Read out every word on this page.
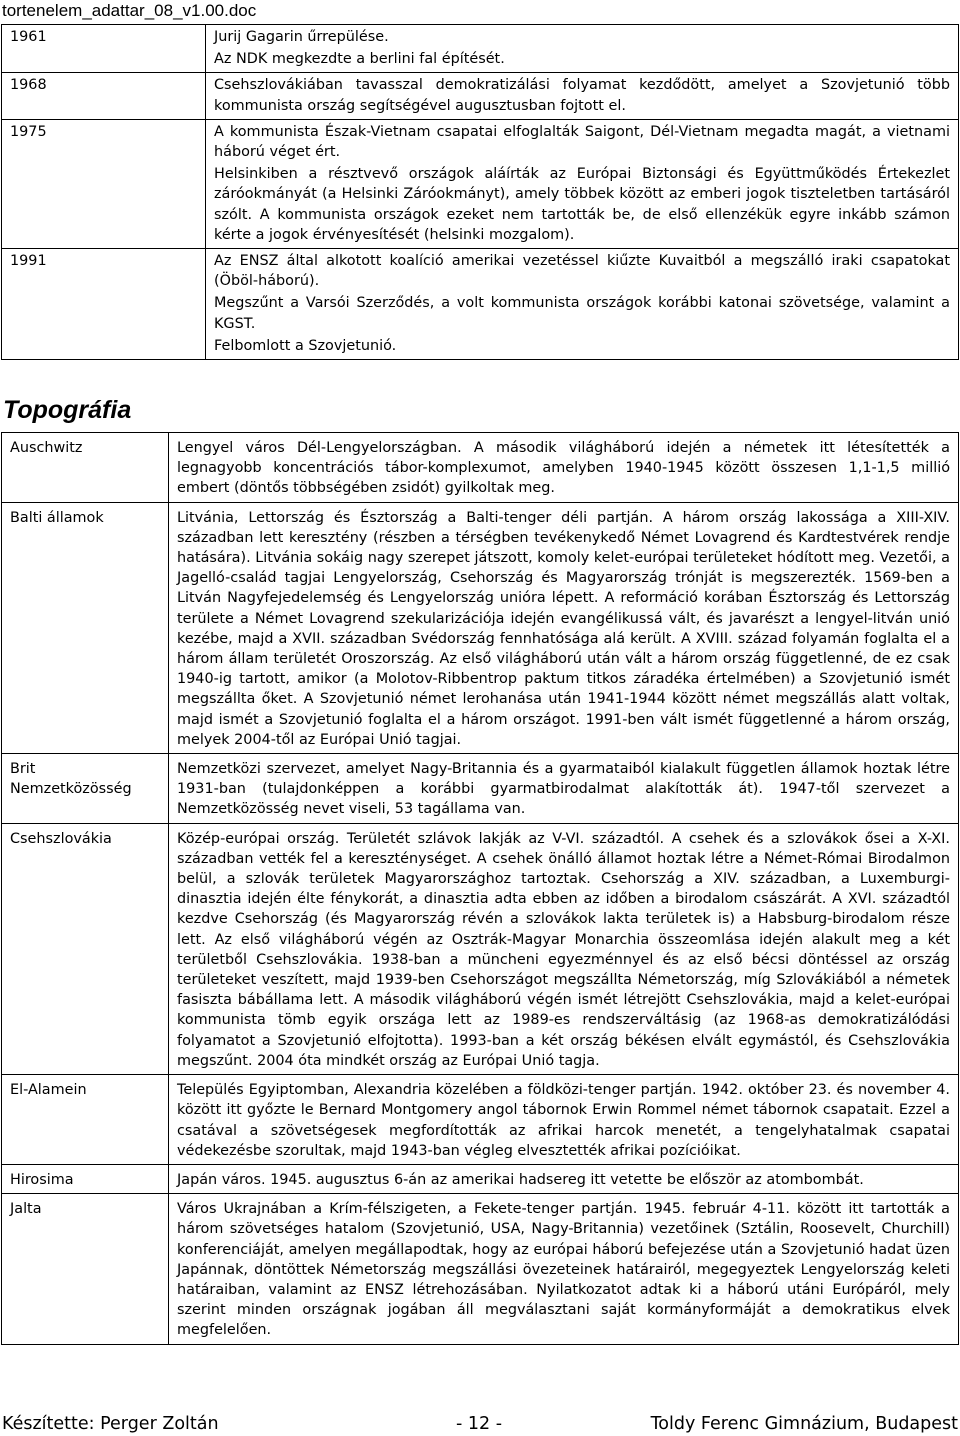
tortenelem_adattar_08_v1.00.doc
1961	Jurij Gagarin űrrepülése.

Az NDK megkezdte a berlini fal építését.

1968	Csehszlovákiában tavasszal demokratizálási folyamat kezdődött, amelyet a Szovjetunió több kommunista ország segítségével augusztusban fojtott el.

1975	A kommunista Észak-Vietnam csapatai elfoglalták Saigont, Dél-Vietnam megadta magát, a vietnami háború véget ért.

Helsinkiben a résztvevő országok aláírták az Európai Biztonsági és Együttműködés Értekezlet záróokmányát (a Helsinki Záróokmányt), amely többek között az emberi jogok tiszteletben tartásáról szólt. A kommunista országok ezeket nem tartották be, de első ellenzékük egyre inkább számon kérte a jogok érvényesítését (helsinki mozgalom).

1991	Az ENSZ által alkotott koalíció amerikai vezetéssel kiűzte Kuvaitból a megszálló iraki csapatokat (Öböl-háború).

Megszűnt a Varsói Szerződés, a volt kommunista országok korábbi katonai szövetsége, valamint a KGST.

Felbomlott a Szovjetunió.

Topográfia
Auschwitz	Lengyel város Dél-Lengyelországban. A második világháború idején a németek itt létesítették a legnagyobb koncentrációs tábor-komplexumot, amelyben 1940-1945 között összesen 1,1-1,5 millió embert (döntős többségében zsidót) gyilkoltak meg.

Balti államok	Litvánia, Lettország és Észtország a Balti-tenger déli partján. A három ország lakossága a XIII-XIV. században lett keresztény (részben a térségben tevékenykedő Német Lovagrend és Kardtestvérek rendje hatására). Litvánia sokáig nagy szerepet játszott, komoly kelet-európai területeket hódított meg. Vezetői, a Jagelló-család tagjai Lengyelország, Csehország és Magyarország trónját is megszerezték. 1569-ben a Litván Nagyfejedelemség és Lengyelország unióra lépett. A reformáció korában Észtország és Lettország területe a Német Lovagrend szekularizációja idején evangélikussá vált, és javarészt a lengyel-litván unió kezébe, majd a XVII. században Svédország fennhatósága alá került. A XVIII. század folyamán foglalta el a három állam területét Oroszország. Az első világháború után vált a három ország függetlenné, de ez csak 1940-ig tartott, amikor (a Molotov-Ribbentrop paktum titkos záradéka értelmében) a Szovjetunió ismét megszállta őket. A Szovjetunió német lerohanása után 1941-1944 között német megszállás alatt voltak, majd ismét a Szovjetunió foglalta el a három országot. 1991-ben vált ismét függetlenné a három ország, melyek 2004-től az Európai Unió tagjai.

Brit Nemzetközösség	Nemzetközi szervezet, amelyet Nagy-Britannia és a gyarmataiból kialakult független államok hoztak létre 1931-ban (tulajdonképpen a korábbi gyarmatbirodalmat alakították át). 1947-től szervezet a Nemzetközösség nevet viseli, 53 tagállama van.

Csehszlovákia	Közép-európai ország. Területét szlávok lakják az V-VI. századtól. A csehek és a szlovákok ősei a X-XI. században vették fel a kereszténységet. A csehek önálló államot hoztak létre a Német-Római Birodalmon belül, a szlovák területek Magyarországhoz tartoztak. Csehország a XIV. században, a Luxemburgi-dinasztia idején élte fénykorát, a dinasztia adta ebben az időben a birodalom császárát. A XVI. századtól kezdve Csehország (és Magyarország révén a szlovákok lakta területek is) a Habsburg-birodalom része lett. Az első világháború végén az Osztrák-Magyar Monarchia összeomlása idején alakult meg a két területből Csehszlovákia. 1938-ban a müncheni egyezménnyel és az első bécsi döntéssel az ország területeket veszített, majd 1939-ben Csehországot megszállta Németország, míg Szlovákiából a németek fasiszta bábállama lett. A második világháború végén ismét létrejött Csehszlovákia, majd a kelet-európai kommunista tömb egyik országa lett az 1989-es rendszerváltásig (az 1968-as demokratizálódási folyamatot a Szovjetunió elfojtotta). 1993-ban a két ország békésen elvált egymástól, és Csehszlovákia megszűnt. 2004 óta mindkét ország az Európai Unió tagja.

El-Alamein	Település Egyiptomban, Alexandria közelében a földközi-tenger partján. 1942. október 23. és november 4. között itt győzte le Bernard Montgomery angol tábornok Erwin Rommel német tábornok csapatait. Ezzel a csatával a szövetségesek megfordították az afrikai harcok menetét, a tengelyhatalmak csapatai védekezésbe szorultak, majd 1943-ban végleg elvesztették afrikai pozícióikat.

Hirosima	Japán város. 1945. augusztus 6-án az amerikai hadsereg itt vetette be először az atombombát.

Jalta	Város Ukrajnában a Krím-félszigeten, a Fekete-tenger partján. 1945. február 4-11. között itt tartották a három szövetséges hatalom (Szovjetunió, USA, Nagy-Britannia) vezetőinek (Sztálin, Roosevelt, Churchill) konferenciáját, amelyen megállapodtak, hogy az európai háború befejezése után a Szovjetunió hadat üzen Japánnak, döntöttek Németország megszállási övezeteinek határairól, megegyeztek Lengyelország keleti határaiban, valamint az ENSZ létrehozásában. Nyilatkozatot adtak ki a háború utáni Európáról, mely szerint minden országnak jogában áll megválasztani saját kormányformáját a demokratikus elvek megfelelően.

Készítette: Perger Zoltán	- 12 -	Toldy Ferenc Gimnázium, Budapest
